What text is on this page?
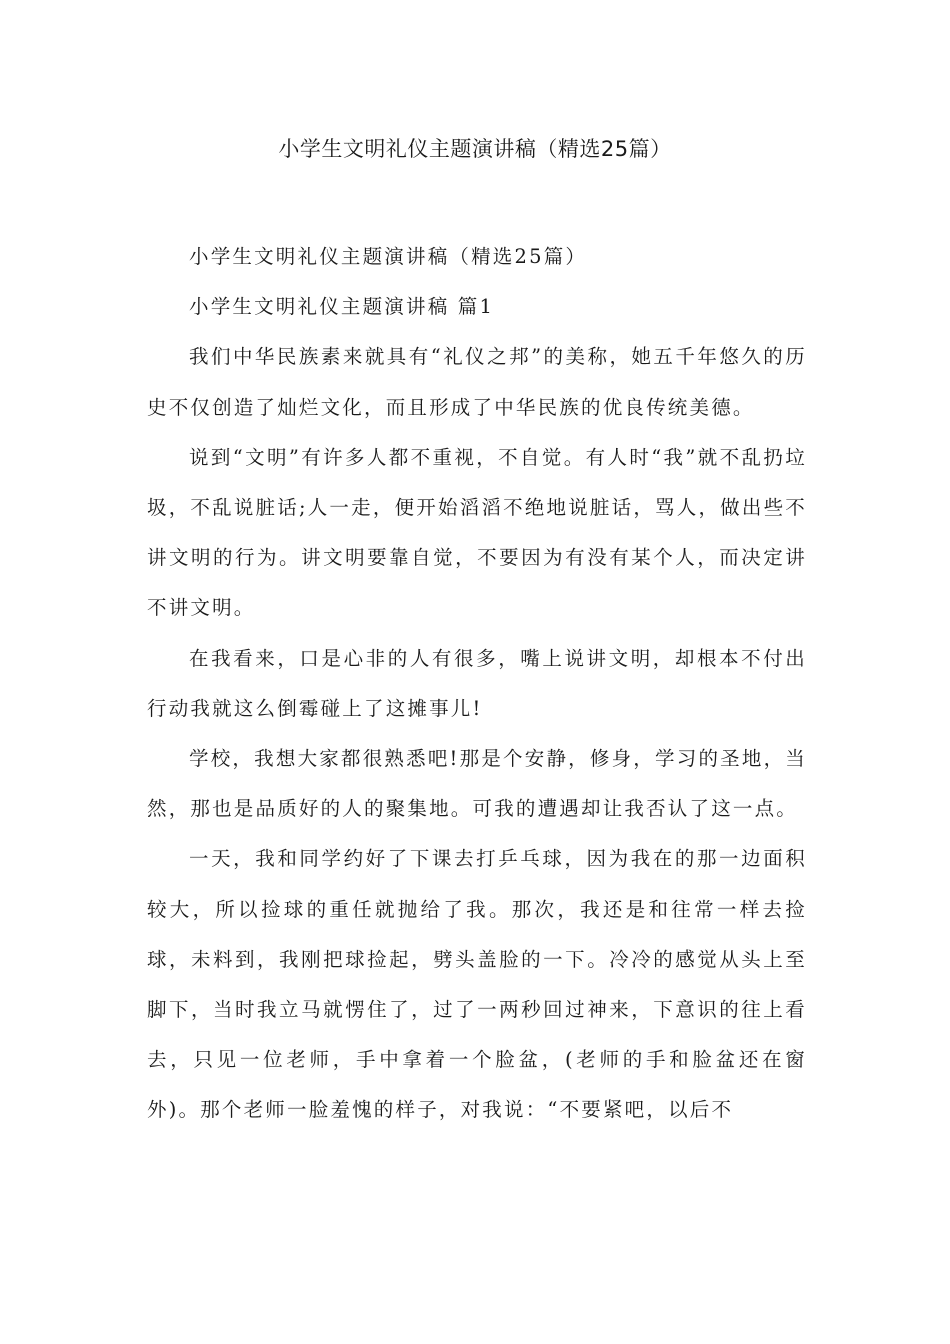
小学生文明礼仪主题演讲稿（精选25篇）

小学生文明礼仪主题演讲稿（精选25篇）

小学生文明礼仪主题演讲稿 篇1

我们中华民族素来就具有“礼仪之邦”的美称，她五千年悠久的历史不仅创造了灿烂文化，而且形成了中华民族的优良传统美德。

说到“文明”有许多人都不重视，不自觉。有人时“我”就不乱扔垃圾，不乱说脏话;人一走，便开始滔滔不绝地说脏话，骂人，做出些不讲文明的行为。讲文明要靠自觉，不要因为有没有某个人，而决定讲不讲文明。

在我看来，口是心非的人有很多，嘴上说讲文明，却根本不付出行动我就这么倒霉碰上了这摊事儿!

学校，我想大家都很熟悉吧!那是个安静，修身，学习的圣地，当然，那也是品质好的人的聚集地。可我的遭遇却让我否认了这一点。

一天，我和同学约好了下课去打乒乓球，因为我在的那一边面积较大，所以捡球的重任就抛给了我。那次，我还是和往常一样去捡球，未料到，我刚把球捡起，劈头盖脸的一下。冷冷的感觉从头上至脚下，当时我立马就愣住了，过了一两秒回过神来，下意识的往上看去，只见一位老师，手中拿着一个脸盆，(老师的手和脸盆还在窗外)。那个老师一脸羞愧的样子，对我说：“不要紧吧，以后不
